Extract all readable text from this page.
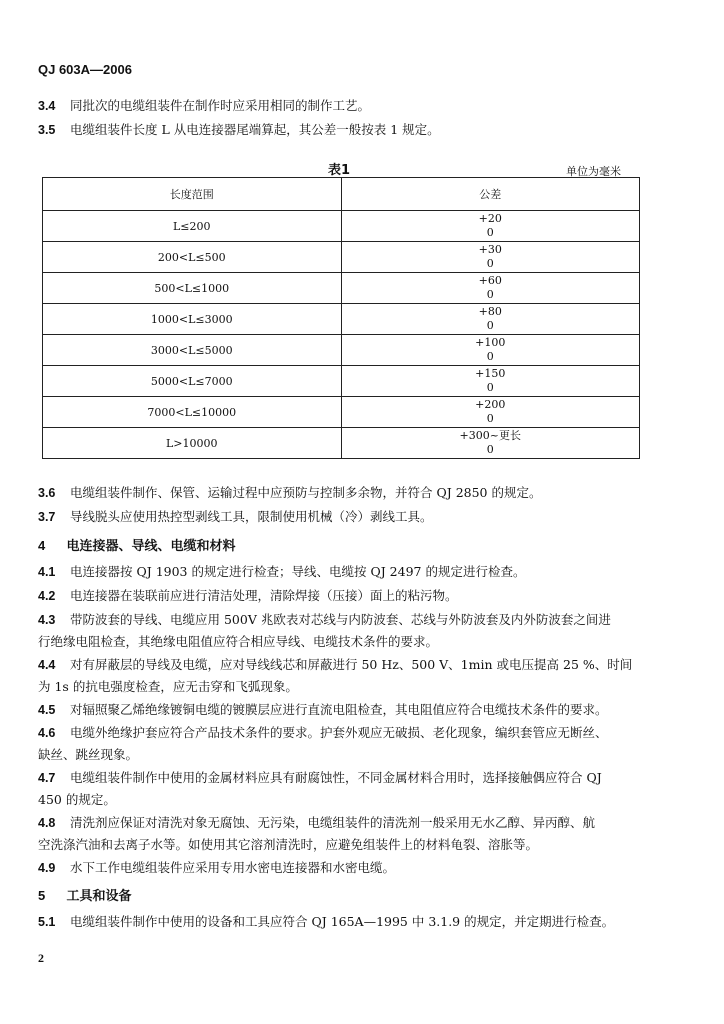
QJ 603A—2006
3.4 同批次的电缆组装件在制作时应采用相同的制作工艺。
3.5 电缆组装件长度 L 从电连接器尾端算起，其公差一般按表 1 规定。
表1	单位为毫米
长度范围	公差
L≤200	+20
0

200<L≤500	+30
0

500<L≤1000	+60
0

1000<L≤3000	+80
0

3000<L≤5000	+100
0

5000<L≤7000	+150
0

7000<L≤10000	+200
0

L>10000	+300~更长
0
3.6 电缆组装件制作、保管、运输过程中应预防与控制多余物，并符合 QJ 2850 的规定。
3.7 导线脱头应使用热控型剥线工具，限制使用机械（冷）剥线工具。
4 电连接器、导线、电缆和材料
4.1 电连接器按 QJ 1903 的规定进行检查；导线、电缆按 QJ 2497 的规定进行检查。
4.2 电连接器在装联前应进行清洁处理，清除焊接（压接）面上的粘污物。
4.3 带防波套的导线、电缆应用 500V 兆欧表对芯线与内防波套、芯线与外防波套及内外防波套之间进
行绝缘电阻检查，其绝缘电阻值应符合相应导线、电缆技术条件的要求。
4.4 对有屏蔽层的导线及电缆，应对导线线芯和屏蔽进行 50 Hz、500 V、1min 或电压提高 25 %、时间
为 1s 的抗电强度检查，应无击穿和飞弧现象。
4.5 对辐照聚乙烯绝缘镀铜电缆的镀膜层应进行直流电阻检查，其电阻值应符合电缆技术条件的要求。
4.6 电缆外绝缘护套应符合产品技术条件的要求。护套外观应无破损、老化现象，编织套管应无断丝、
缺丝、跳丝现象。
4.7 电缆组装件制作中使用的金属材料应具有耐腐蚀性，不同金属材料合用时，选择接触偶应符合 QJ
450 的规定。
4.8 清洗剂应保证对清洗对象无腐蚀、无污染，电缆组装件的清洗剂一般采用无水乙醇、异丙醇、航
空洗涤汽油和去离子水等。如使用其它溶剂清洗时，应避免组装件上的材料龟裂、溶胀等。
4.9 水下工作电缆组装件应采用专用水密电连接器和水密电缆。
5 工具和设备
5.1 电缆组装件制作中使用的设备和工具应符合 QJ 165A—1995 中 3.1.9 的规定，并定期进行检查。
2
